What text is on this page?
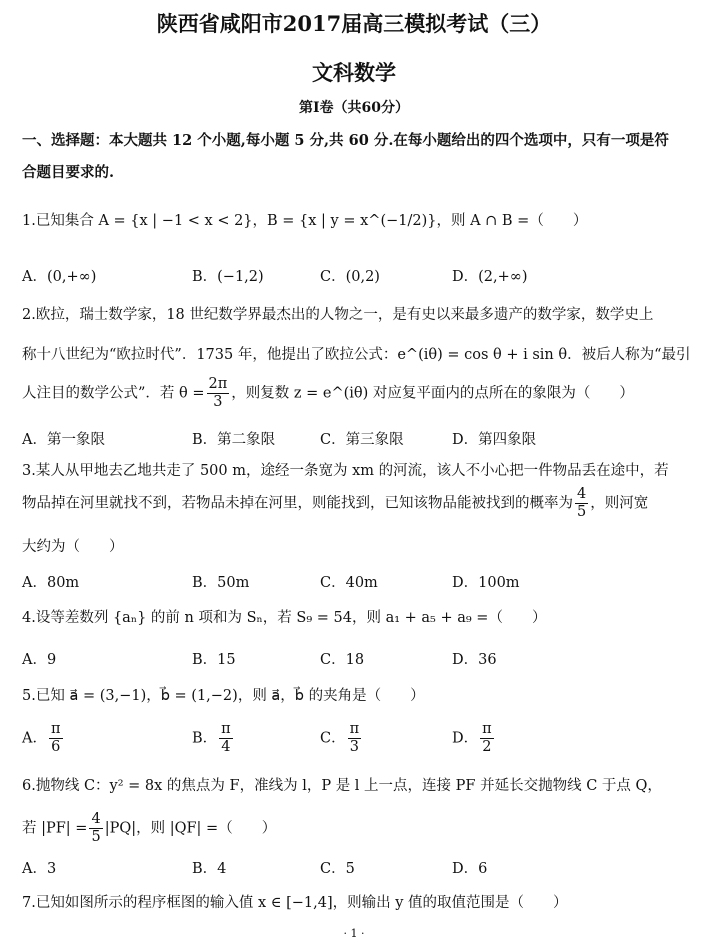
陕西省咸阳市2017届高三模拟考试（三）
文科数学
第Ⅰ卷（共60分）
一、选择题：本大题共 12 个小题,每小题 5 分,共 60 分.在每小题给出的四个选项中，只有一项是符
合题目要求的.
1.已知集合 A = {x | −1 < x < 2}，B = {x | y = x^(−1/2)}，则 A ∩ B =（　　）
A．(0,+∞)	B．(−1,2)	C．(0,2)	D．(2,+∞)
2.欧拉，瑞士数学家，18 世纪数学界最杰出的人物之一，是有史以来最多遗产的数学家，数学史上
称十八世纪为“欧拉时代”．1735 年，他提出了欧拉公式：e^(iθ) = cos θ + i sin θ．被后人称为“最引
人注目的数学公式”．若 $\theta = \frac{2\pi}{3}$ ，则复数 z = e^(iθ) 对应复平面内的点所在的象限为（　　）
A．第一象限	B．第二象限	C．第三象限	D．第四象限
3.某人从甲地去乙地共走了 500 m，途经一条宽为 xm 的河流，该人不小心把一件物品丢在途中，若
物品掉在河里就找不到，若物品未掉在河里，则能找到，已知该物品能被找到的概率为 $\frac{4}{5}$ ，则河宽
大约为（　　）
A．80m	B．50m	C．40m	D．100m
4.设等差数列 {aₙ} 的前 n 项和为 Sₙ，若 S₉ = 54，则 a₁ + a₅ + a₉ =（　　）
A．9	B．15	C．18	D．36
5.已知 a⃗ = (3,−1)，b⃗ = (1,−2)，则 a⃗，b⃗ 的夹角是（　　）
A． $\frac{\pi}{6}$	B． $\frac{\pi}{4}$	C． $\frac{\pi}{3}$	D． $\frac{\pi}{2}$
6.抛物线 C：y² = 8x 的焦点为 F，准线为 l，P 是 l 上一点，连接 PF 并延长交抛物线 C 于点 Q，
若 $|PF| = \frac{4}{5} |PQ|$，则 |QF| =（　　）
A．3	B．4	C．5	D．6
7.已知如图所示的程序框图的输入值 x ∈ [−1,4]，则输出 y 值的取值范围是（　　）
· 1 ·
